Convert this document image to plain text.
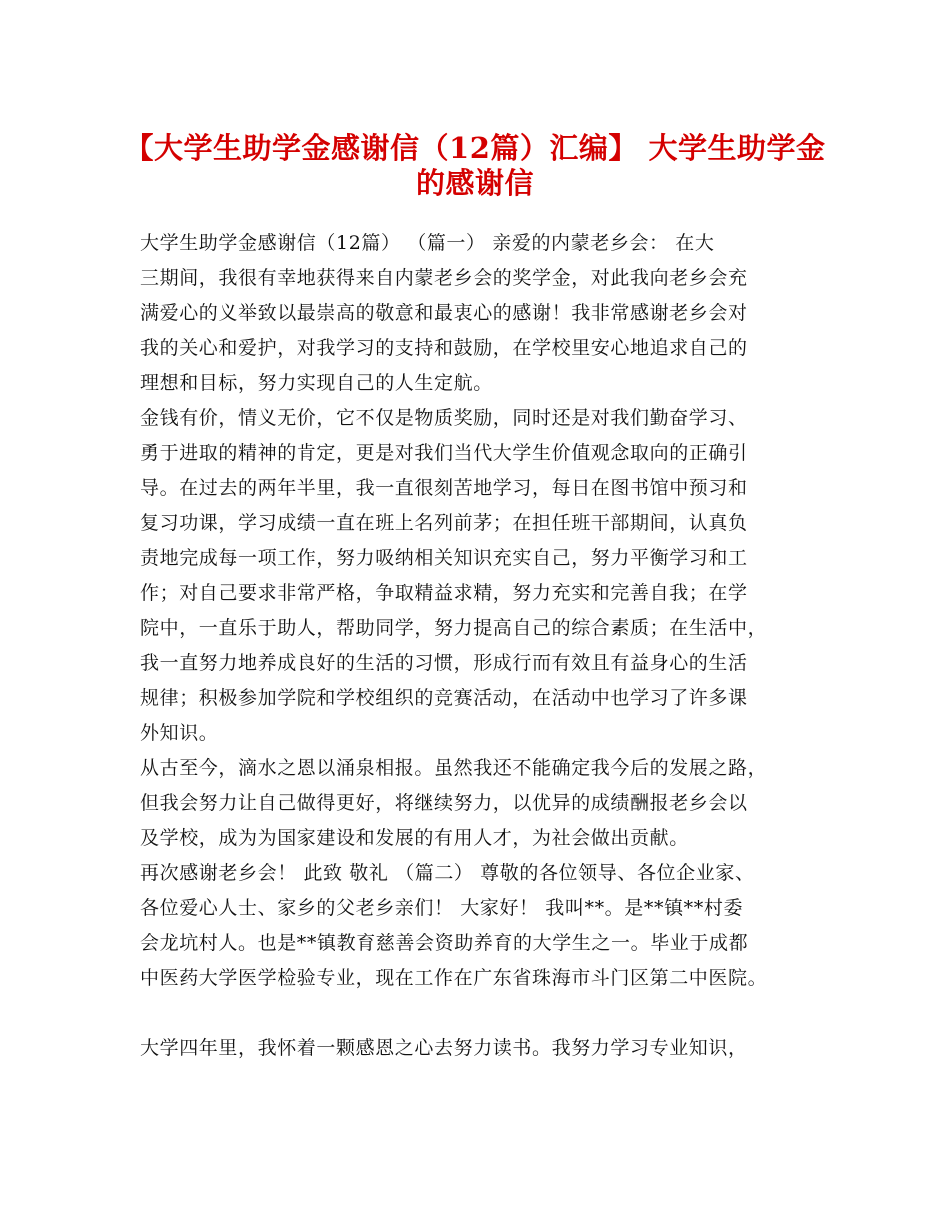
【大学生助学金感谢信（12篇）汇编】 大学生助学金
的感谢信
大学生助学金感谢信（12篇） （篇一） 亲爱的内蒙老乡会： 在大
三期间，我很有幸地获得来自内蒙老乡会的奖学金，对此我向老乡会充
满爱心的义举致以最崇高的敬意和最衷心的感谢！我非常感谢老乡会对
我的关心和爱护，对我学习的支持和鼓励，在学校里安心地追求自己的
理想和目标，努力实现自己的人生定航。
金钱有价，情义无价，它不仅是物质奖励，同时还是对我们勤奋学习、
勇于进取的精神的肯定，更是对我们当代大学生价值观念取向的正确引
导。在过去的两年半里，我一直很刻苦地学习，每日在图书馆中预习和
复习功课，学习成绩一直在班上名列前茅；在担任班干部期间，认真负
责地完成每一项工作，努力吸纳相关知识充实自己，努力平衡学习和工
作；对自己要求非常严格，争取精益求精，努力充实和完善自我；在学
院中，一直乐于助人，帮助同学，努力提高自己的综合素质；在生活中，
我一直努力地养成良好的生活的习惯，形成行而有效且有益身心的生活
规律；积极参加学院和学校组织的竞赛活动，在活动中也学习了许多课
外知识。
从古至今，滴水之恩以涌泉相报。虽然我还不能确定我今后的发展之路，
但我会努力让自己做得更好，将继续努力，以优异的成绩酬报老乡会以
及学校，成为为国家建设和发展的有用人才，为社会做出贡献。
再次感谢老乡会！ 此致 敬礼 （篇二） 尊敬的各位领导、各位企业家、
各位爱心人士、家乡的父老乡亲们！ 大家好！ 我叫**。是**镇**村委
会龙坑村人。也是**镇教育慈善会资助养育的大学生之一。毕业于成都
中医药大学医学检验专业，现在工作在广东省珠海市斗门区第二中医院。
大学四年里，我怀着一颗感恩之心去努力读书。我努力学习专业知识，
